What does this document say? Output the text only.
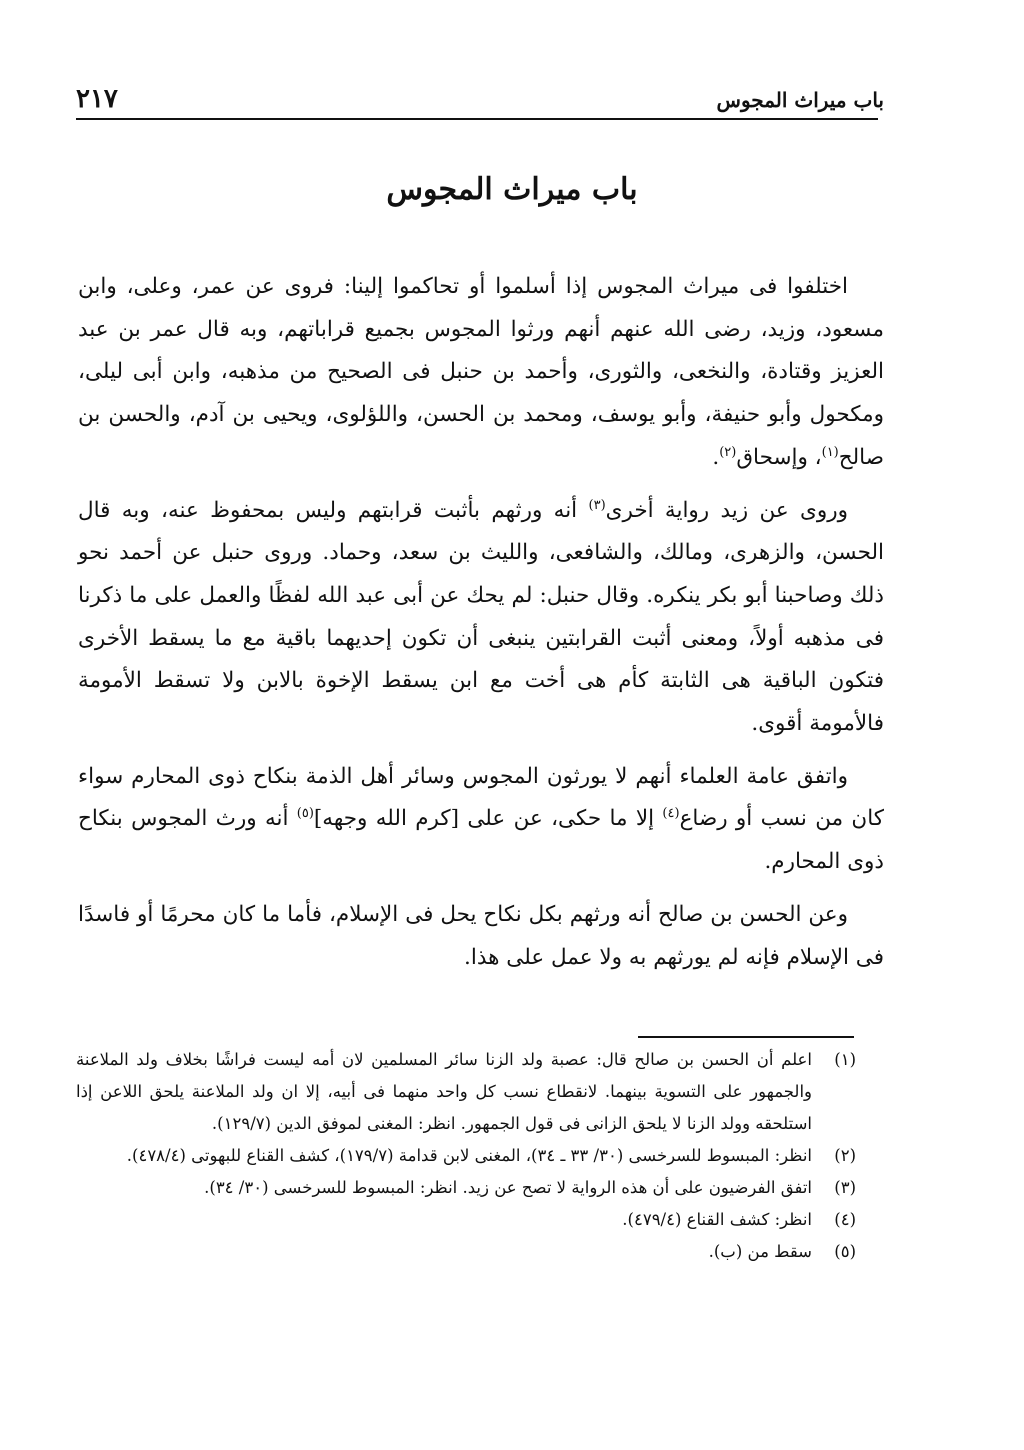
باب ميراث المجوس
٢١٧
باب ميراث المجوس

اختلفوا فى ميراث المجوس إذا أسلموا أو تحاكموا إلينا: فروى عن عمر، وعلى، وابن مسعود، وزيد، رضى الله عنهم أنهم ورثوا المجوس بجميع قراباتهم، وبه قال عمر بن عبد العزيز وقتادة، والنخعى، والثورى، وأحمد بن حنبل فى الصحيح من مذهبه، وابن أبى ليلى، ومكحول وأبو حنيفة، وأبو يوسف، ومحمد بن الحسن، واللؤلوى، ويحيى بن آدم، والحسن بن صالح$^{(١)}$، وإسحاق$^{(٢)}$.

وروى عن زيد رواية أخرى$^{(٣)}$ أنه ورثهم بأثبت قرابتهم وليس بمحفوظ عنه، وبه قال الحسن، والزهرى، ومالك، والشافعى، والليث بن سعد، وحماد. وروى حنبل عن أحمد نحو ذلك وصاحبنا أبو بكر ينكره. وقال حنبل: لم يحك عن أبى عبد الله لفظًا والعمل على ما ذكرنا فى مذهبه أولاً، ومعنى أثبت القرابتين ينبغى أن تكون إحديهما باقية مع ما يسقط الأخرى فتكون الباقية هى الثابتة كأم هى أخت مع ابن يسقط الإخوة بالابن ولا تسقط الأمومة فالأمومة أقوى.

واتفق عامة العلماء أنهم لا يورثون المجوس وسائر أهل الذمة بنكاح ذوى المحارم سواء كان من نسب أو رضاع$^{(٤)}$ إلا ما حكى، عن على [كرم الله وجهه]$^{(٥)}$ أنه ورث المجوس بنكاح ذوى المحارم.

وعن الحسن بن صالح أنه ورثهم بكل نكاح يحل فى الإسلام، فأما ما كان محرمًا أو فاسدًا فى الإسلام فإنه لم يورثهم به ولا عمل على هذا.

(١)
اعلم أن الحسن بن صالح قال: عصبة ولد الزنا سائر المسلمين لان أمه ليست فراشًا بخلاف ولد الملاعنة والجمهور على التسوية بينهما. لانقطاع نسب كل واحد منهما فى أبيه، إلا ان ولد الملاعنة يلحق اللاعن إذا استلحقه وولد الزنا لا يلحق الزانى فى قول الجمهور. انظر: المغنى لموفق الدين (١٢٩/٧).
(٢)
انظر: المبسوط للسرخسى (٣٠/ ٣٣ ـ ٣٤)، المغنى لابن قدامة (١٧٩/٧)، كشف القناع للبهوتى (٤٧٨/٤).
(٣)
اتفق الفرضيون على أن هذه الرواية لا تصح عن زيد. انظر: المبسوط للسرخسى (٣٠/ ٣٤).
(٤)
انظر: كشف القناع (٤٧٩/٤).
(٥)
سقط من (ب).
